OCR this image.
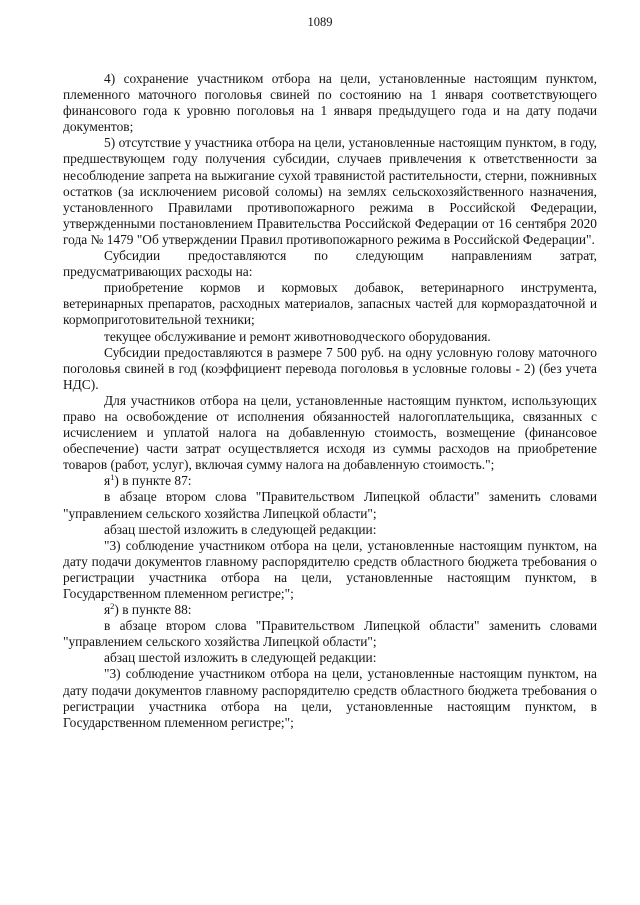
1089

4) сохранение участником отбора на цели, установленные настоящим пунктом, племенного маточного поголовья свиней по состоянию на 1 января соответствующего финансового года к уровню поголовья на 1 января предыдущего года и на дату подачи документов;

5) отсутствие у участника отбора на цели, установленные настоящим пунктом, в году, предшествующем году получения субсидии, случаев привлечения к ответственности за несоблюдение запрета на выжигание сухой травянистой растительности, стерни, пожнивных остатков (за исключением рисовой соломы) на землях сельскохозяйственного назначения, установленного Правилами противопожарного режима в Российской Федерации, утвержденными постановлением Правительства Российской Федерации от 16 сентября 2020 года № 1479 "Об утверждении Правил противопожарного режима в Российской Федерации".

Субсидии предоставляются по следующим направлениям затрат, предусматривающих расходы на:

приобретение кормов и кормовых добавок, ветеринарного инструмента, ветеринарных препаратов, расходных материалов, запасных частей для кормораздаточной и кормоприготовительной техники;

текущее обслуживание и ремонт животноводческого оборудования.

Субсидии предоставляются в размере 7 500 руб. на одну условную голову маточного поголовья свиней в год (коэффициент перевода поголовья в условные головы - 2) (без учета НДС).

Для участников отбора на цели, установленные настоящим пунктом, использующих право на освобождение от исполнения обязанностей налогоплательщика, связанных с исчислением и уплатой налога на добавленную стоимость, возмещение (финансовое обеспечение) части затрат осуществляется исходя из суммы расходов на приобретение товаров (работ, услуг), включая сумму налога на добавленную стоимость.";

$я^1$) в пункте 87:

в абзаце втором слова "Правительством Липецкой области" заменить словами "управлением сельского хозяйства Липецкой области";

абзац шестой изложить в следующей редакции:

"3) соблюдение участником отбора на цели, установленные настоящим пунктом, на дату подачи документов главному распорядителю средств областного бюджета требования о регистрации участника отбора на цели, установленные настоящим пунктом, в Государственном племенном регистре;";

$я^2$) в пункте 88:

в абзаце втором слова "Правительством Липецкой области" заменить словами "управлением сельского хозяйства Липецкой области";

абзац шестой изложить в следующей редакции:

"3) соблюдение участником отбора на цели, установленные настоящим пунктом, на дату подачи документов главному распорядителю средств областного бюджета требования о регистрации участника отбора на цели, установленные настоящим пунктом, в Государственном племенном регистре;";
